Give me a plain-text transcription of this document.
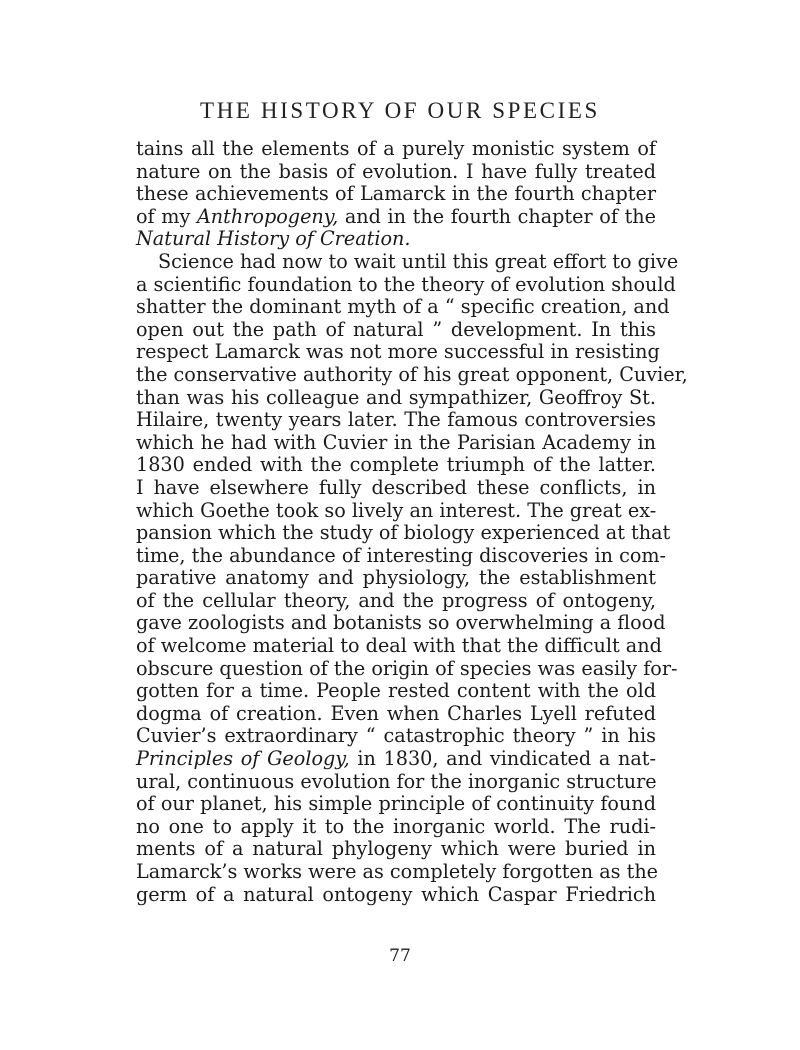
THE HISTORY OF OUR SPECIES
tains all the elements of a purely monistic system of
nature on the basis of evolution. I have fully treated
these achievements of Lamarck in the fourth chapter
of my Anthropogeny, and in the fourth chapter of the
Natural History of Creation.
Science had now to wait until this great effort to give
a scientific foundation to the theory of evolution should
shatter the dominant myth of a “ specific creation, and
open out the path of natural ” development. In this
respect Lamarck was not more successful in resisting
the conservative authority of his great opponent, Cuvier,
than was his colleague and sympathizer, Geoffroy St.
Hilaire, twenty years later. The famous controversies
which he had with Cuvier in the Parisian Academy in
1830 ended with the complete triumph of the latter.
I have elsewhere fully described these conflicts, in
which Goethe took so lively an interest. The great ex-
pansion which the study of biology experienced at that
time, the abundance of interesting discoveries in com-
parative anatomy and physiology, the establishment
of the cellular theory, and the progress of ontogeny,
gave zoologists and botanists so overwhelming a flood
of welcome material to deal with that the difficult and
obscure question of the origin of species was easily for-
gotten for a time. People rested content with the old
dogma of creation. Even when Charles Lyell refuted
Cuvier’s extraordinary “ catastrophic theory ” in his
Principles of Geology, in 1830, and vindicated a nat-
ural, continuous evolution for the inorganic structure
of our planet, his simple principle of continuity found
no one to apply it to the inorganic world. The rudi-
ments of a natural phylogeny which were buried in
Lamarck’s works were as completely forgotten as the
germ of a natural ontogeny which Caspar Friedrich
77
